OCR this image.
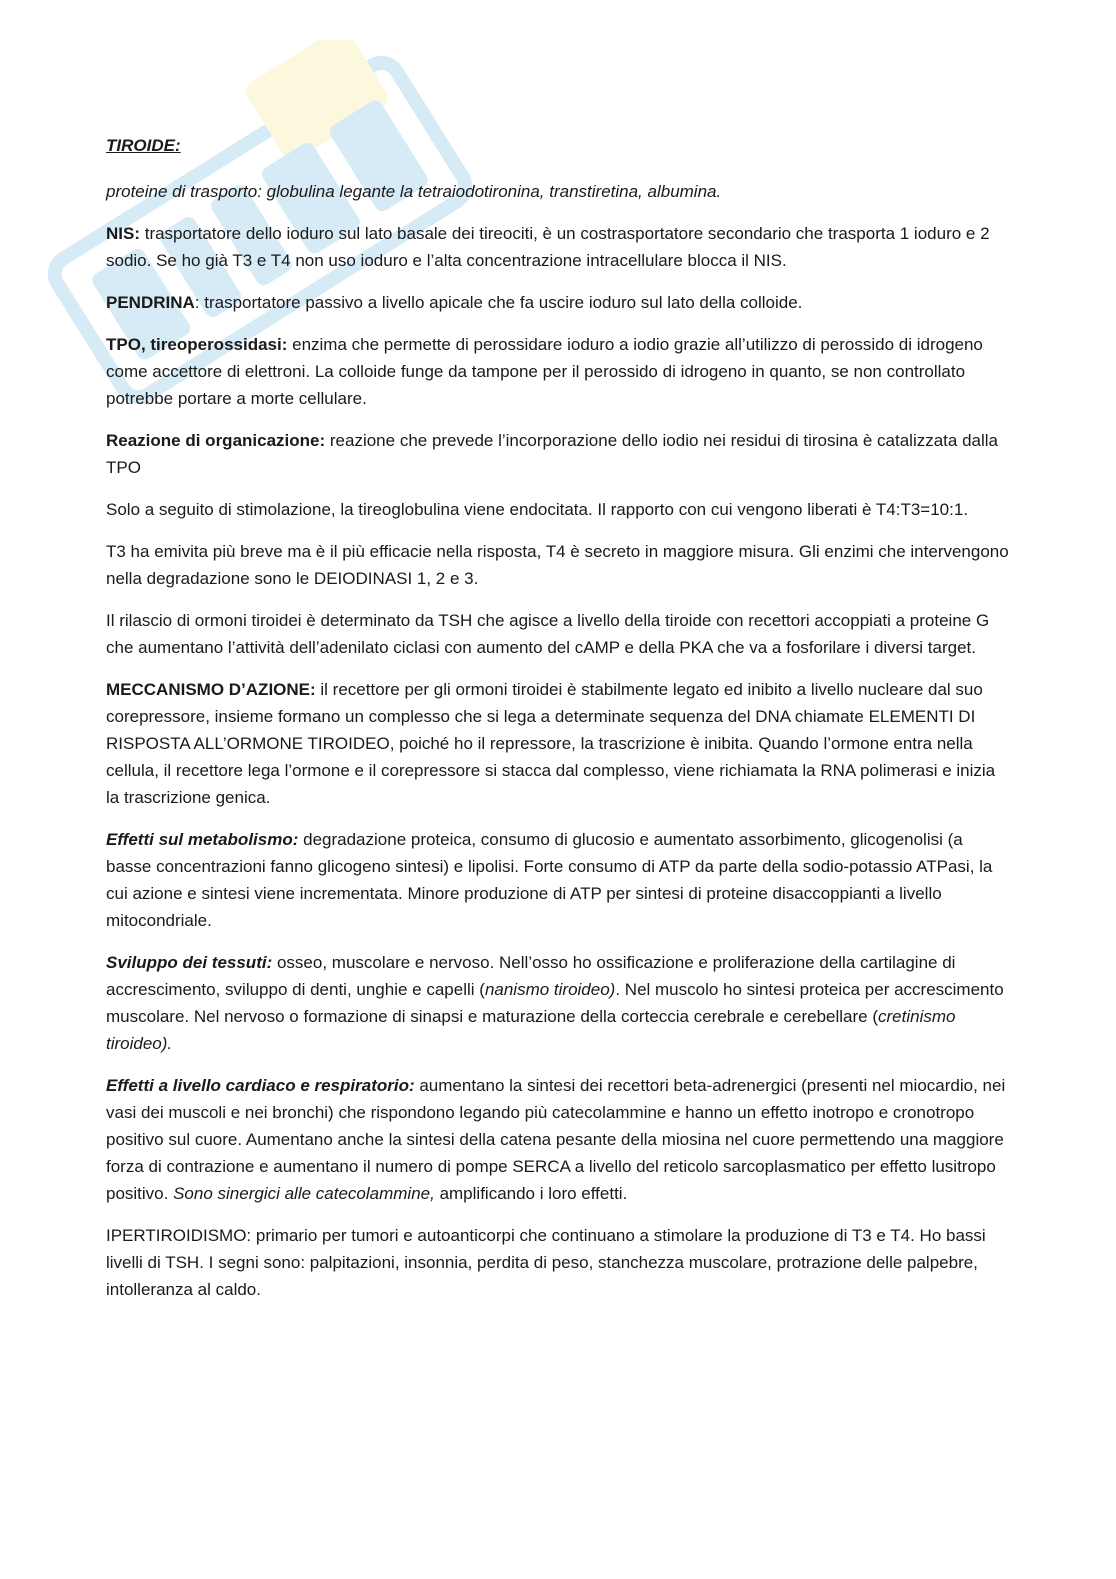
TIROIDE:

proteine di trasporto: globulina legante la tetraiodotironina, transtiretina, albumina.

NIS: trasportatore dello ioduro sul lato basale dei tireociti, è un costrasportatore secondario che trasporta 1 ioduro e 2 sodio. Se ho già T3 e T4 non uso ioduro e l’alta concentrazione intracellulare blocca il NIS.

PENDRINA: trasportatore passivo a livello apicale che fa uscire ioduro sul lato della colloide.

TPO, tireoperossidasi: enzima che permette di perossidare ioduro a iodio grazie all’utilizzo di perossido di idrogeno come accettore di elettroni. La colloide funge da tampone per il perossido di idrogeno in quanto, se non controllato potrebbe portare a morte cellulare.

Reazione di organicazione: reazione che prevede l’incorporazione dello iodio nei residui di tirosina è catalizzata dalla TPO

Solo a seguito di stimolazione, la tireoglobulina viene endocitata. Il rapporto con cui vengono liberati è T4:T3=10:1.

T3 ha emivita più breve ma è il più efficacie nella risposta, T4 è secreto in maggiore misura. Gli enzimi che intervengono nella degradazione sono le DEIODINASI 1, 2 e 3.

Il rilascio di ormoni tiroidei è determinato da TSH che agisce a livello della tiroide con recettori accoppiati a proteine G che aumentano l’attività dell’adenilato ciclasi con aumento del cAMP e della PKA che va a fosforilare i diversi target.

MECCANISMO D’AZIONE: il recettore per gli ormoni tiroidei è stabilmente legato ed inibito a livello nucleare dal suo corepressore, insieme formano un complesso che si lega a determinate sequenza del DNA chiamate ELEMENTI DI RISPOSTA ALL’ORMONE TIROIDEO, poiché ho il repressore, la trascrizione è inibita. Quando l’ormone entra nella cellula, il recettore lega l’ormone e il corepressore si stacca dal complesso, viene richiamata la RNA polimerasi e inizia la trascrizione genica.

Effetti sul metabolismo: degradazione proteica, consumo di glucosio e aumentato assorbimento, glicogenolisi (a basse concentrazioni fanno glicogeno sintesi) e lipolisi. Forte consumo di ATP da parte della sodio-potassio ATPasi, la cui azione e sintesi viene incrementata. Minore produzione di ATP per sintesi di proteine disaccoppianti a livello mitocondriale.

Sviluppo dei tessuti: osseo, muscolare e nervoso. Nell’osso ho ossificazione e proliferazione della cartilagine di accrescimento, sviluppo di denti, unghie e capelli (nanismo tiroideo). Nel muscolo ho sintesi proteica per accrescimento muscolare. Nel nervoso o formazione di sinapsi e maturazione della corteccia cerebrale e cerebellare (cretinismo tiroideo).

Effetti a livello cardiaco e respiratorio: aumentano la sintesi dei recettori beta-adrenergici (presenti nel miocardio, nei vasi dei muscoli e nei bronchi) che rispondono legando più catecolammine e hanno un effetto inotropo e cronotropo positivo sul cuore. Aumentano anche la sintesi della catena pesante della miosina nel cuore permettendo una maggiore forza di contrazione e aumentano il numero di pompe SERCA a livello del reticolo sarcoplasmatico per effetto lusitropo positivo. Sono sinergici alle catecolammine, amplificando i loro effetti.

IPERTIROIDISMO: primario per tumori e autoanticorpi che continuano a stimolare la produzione di T3 e T4. Ho bassi livelli di TSH. I segni sono: palpitazioni, insonnia, perdita di peso, stanchezza muscolare, protrazione delle palpebre, intolleranza al caldo.
